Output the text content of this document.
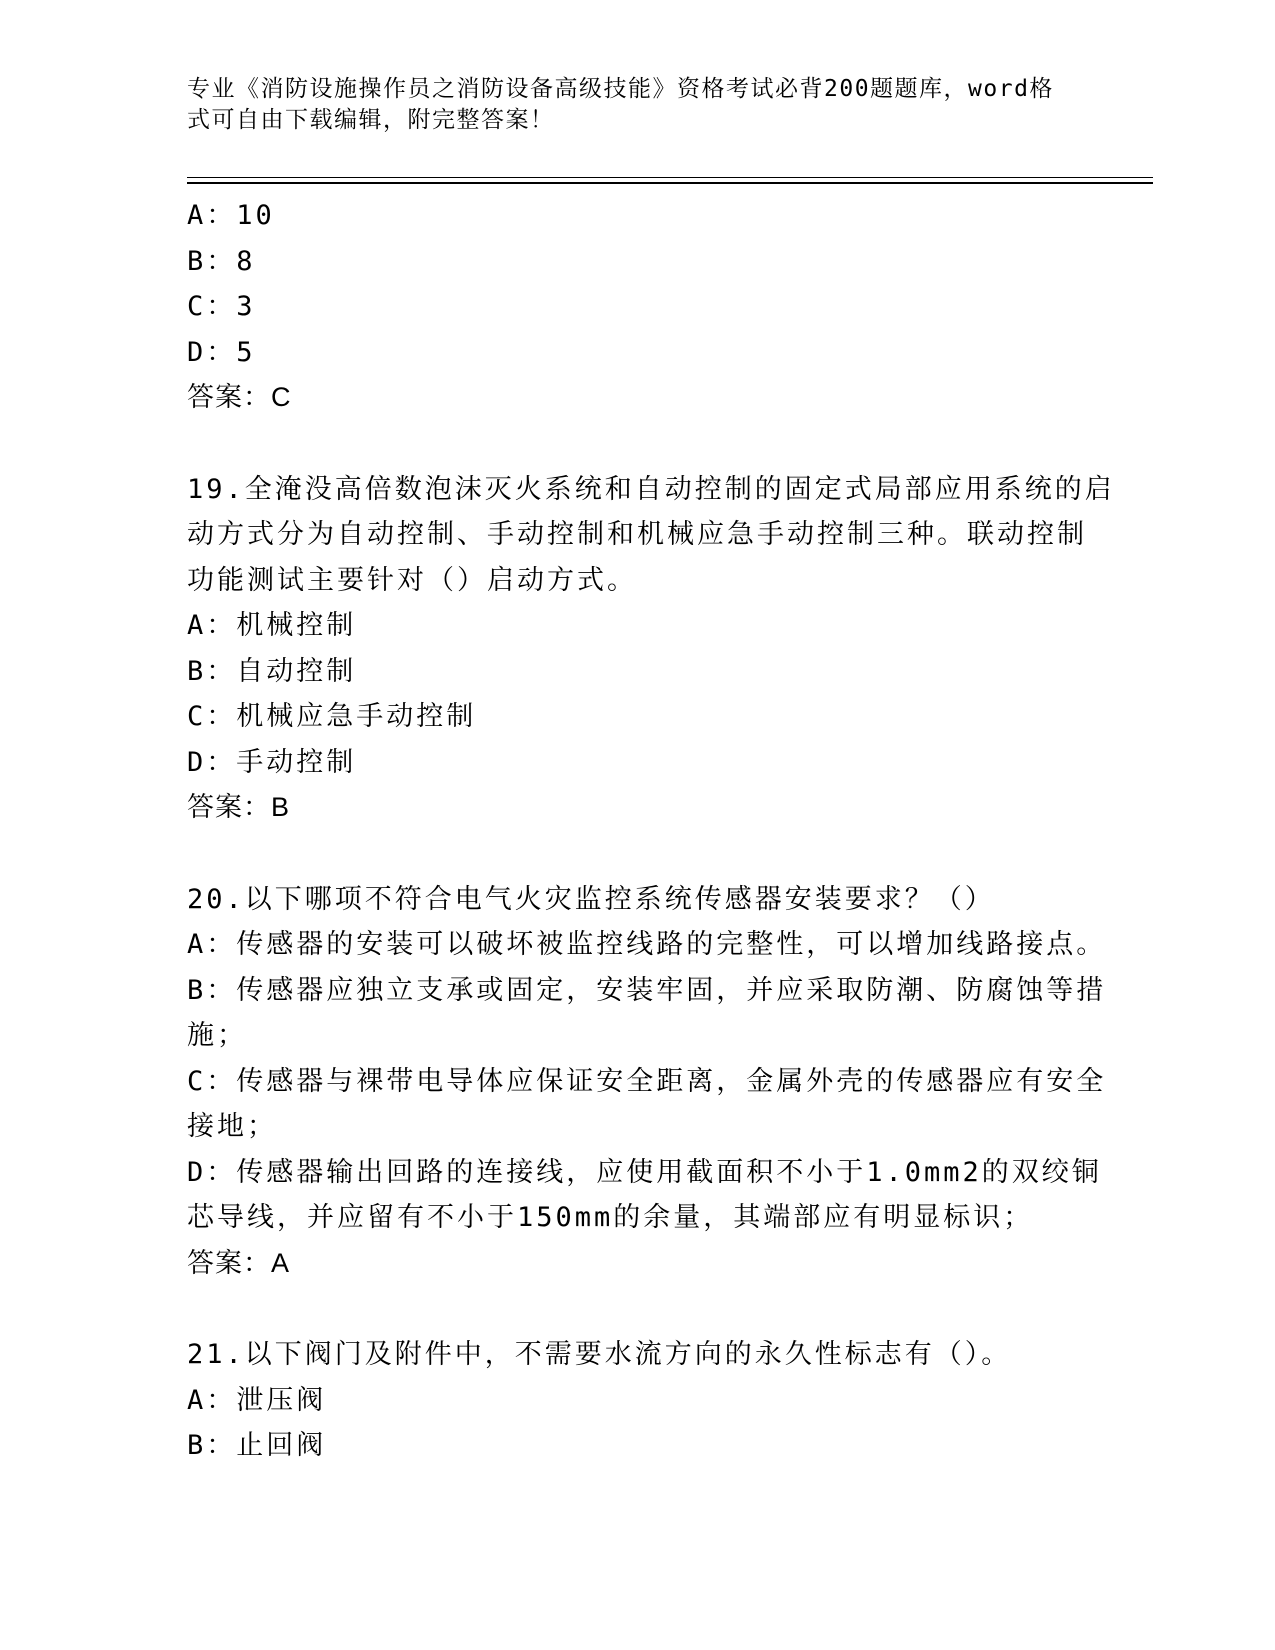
专业《消防设施操作员之消防设备高级技能》资格考试必背200题题库，word格
式可自由下载编辑，附完整答案！
A：10
B：8
C：3
D：5
答案：C
19.全淹没高倍数泡沫灭火系统和自动控制的固定式局部应用系统的启
动方式分为自动控制、手动控制和机械应急手动控制三种。联动控制
功能测试主要针对（）启动方式。
A：机械控制
B：自动控制
C：机械应急手动控制
D：手动控制
答案：B
20.以下哪项不符合电气火灾监控系统传感器安装要求？（）
A：传感器的安装可以破坏被监控线路的完整性，可以增加线路接点。
B：传感器应独立支承或固定，安装牢固，并应采取防潮、防腐蚀等措
施；
C：传感器与裸带电导体应保证安全距离，金属外壳的传感器应有安全
接地；
D：传感器输出回路的连接线，应使用截面积不小于1.0mm2的双绞铜
芯导线，并应留有不小于150mm的余量，其端部应有明显标识；
答案：A
21.以下阀门及附件中，不需要水流方向的永久性标志有（）。
A：泄压阀
B：止回阀
